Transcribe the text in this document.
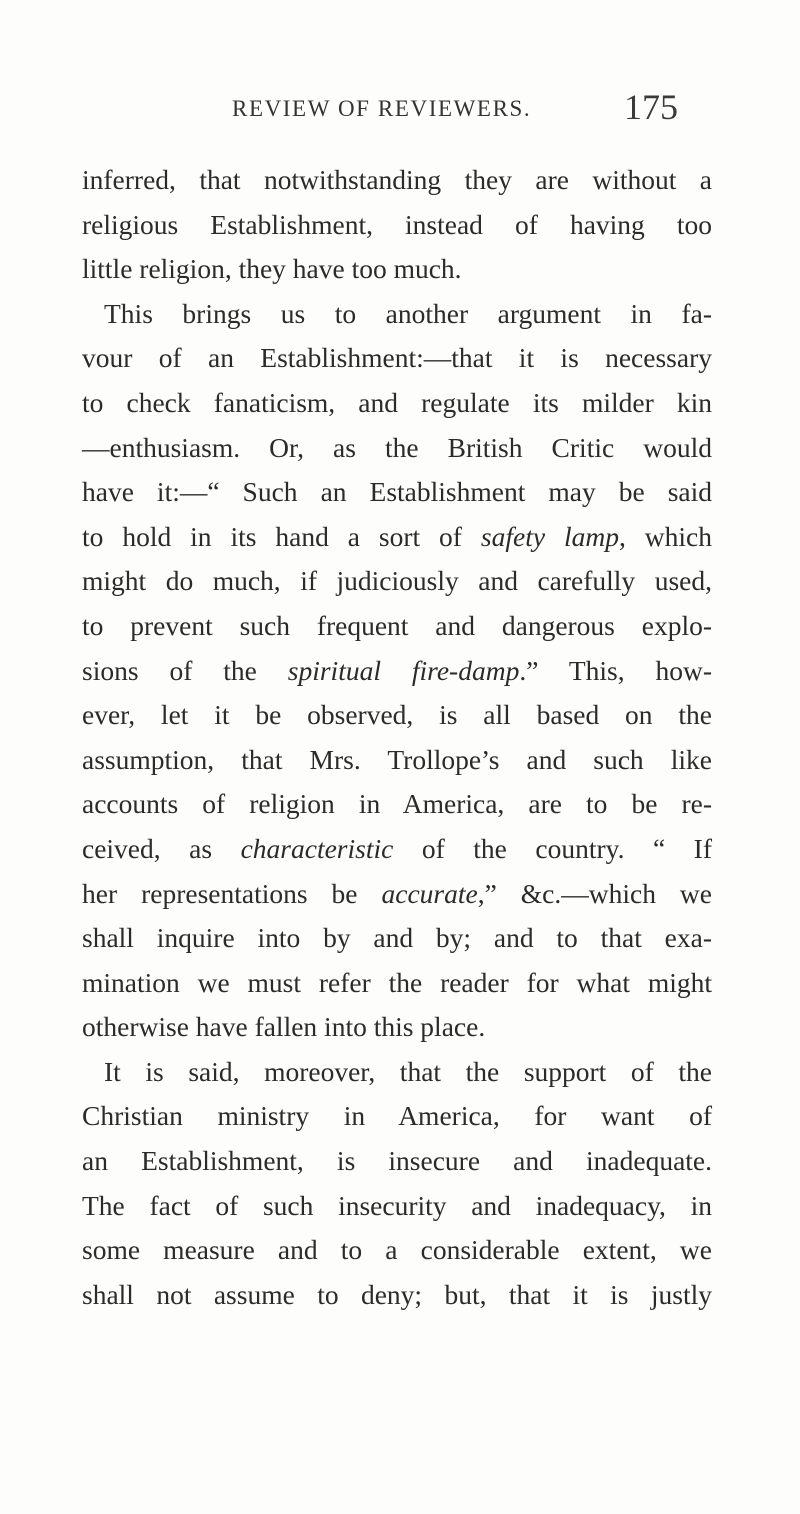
REVIEW OF REVIEWERS.	175
inferred, that notwithstanding they are without a
religious Establishment, instead of having too
little religion, they have too much.
This brings us to another argument in fa-
vour of an Establishment:—that it is necessary
to check fanaticism, and regulate its milder kin
—enthusiasm. Or, as the British Critic would
have it:—“ Such an Establishment may be said
to hold in its hand a sort of safety lamp, which
might do much, if judiciously and carefully used,
to prevent such frequent and dangerous explo-
sions of the spiritual fire-damp.” This, how-
ever, let it be observed, is all based on the
assumption, that Mrs. Trollope’s and such like
accounts of religion in America, are to be re-
ceived, as characteristic of the country. “ If
her representations be accurate,” &c.—which we
shall inquire into by and by; and to that exa-
mination we must refer the reader for what might
otherwise have fallen into this place.
It is said, moreover, that the support of the
Christian ministry in America, for want of
an Establishment, is insecure and inadequate.
The fact of such insecurity and inadequacy, in
some measure and to a considerable extent, we
shall not assume to deny; but, that it is justly
